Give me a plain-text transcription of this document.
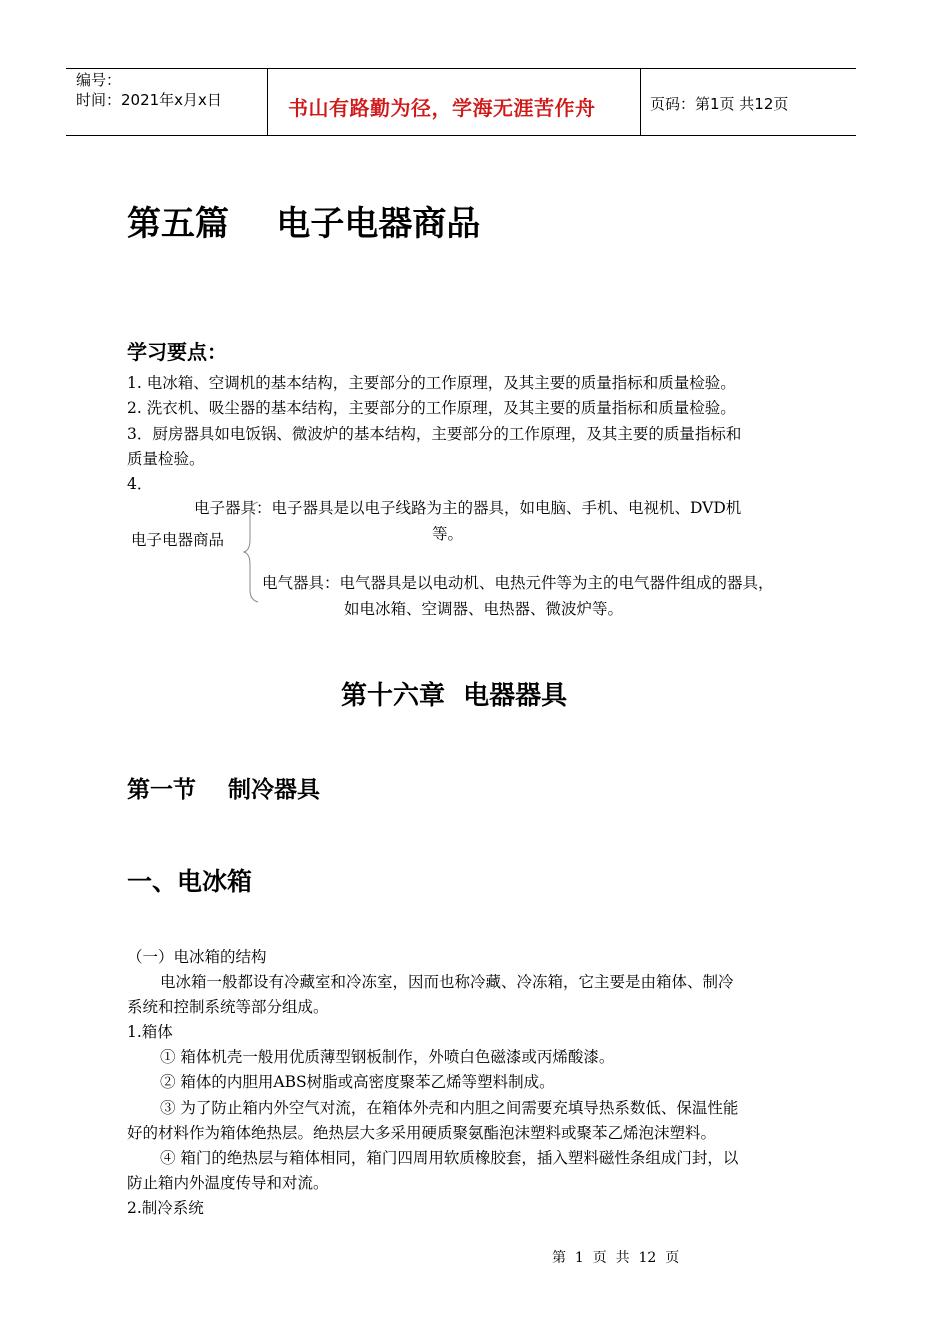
编号：
时间：2021年x月x日	书山有路勤为径，学海无涯苦作舟	页码：第1页 共12页
第五篇    电子电器商品
学习要点：
1. 电冰箱、空调机的基本结构，主要部分的工作原理，及其主要的质量指标和质量检验。
2. 洗衣机、吸尘器的基本结构，主要部分的工作原理，及其主要的质量指标和质量检验。
3．厨房器具如电饭锅、微波炉的基本结构，主要部分的工作原理，及其主要的质量指标和
质量检验。
4．
电子器具：电子器具是以电子线路为主的器具，如电脑、手机、电视机、DVD机
等。
电子电器商品
电气器具：电气器具是以电动机、电热元件等为主的电气器件组成的器具，
如电冰箱、空调器、电热器、微波炉等。
第十六章  电器器具
第一节    制冷器具
一、电冰箱
（一）电冰箱的结构
电冰箱一般都设有冷藏室和冷冻室，因而也称冷藏、冷冻箱，它主要是由箱体、制冷
系统和控制系统等部分组成。
1.箱体
① 箱体机壳一般用优质薄型钢板制作，外喷白色磁漆或丙烯酸漆。
② 箱体的内胆用ABS树脂或高密度聚苯乙烯等塑料制成。
③ 为了防止箱内外空气对流，在箱体外壳和内胆之间需要充填导热系数低、保温性能
好的材料作为箱体绝热层。绝热层大多采用硬质聚氨酯泡沫塑料或聚苯乙烯泡沫塑料。
④ 箱门的绝热层与箱体相同，箱门四周用软质橡胶套，插入塑料磁性条组成门封，以
防止箱内外温度传导和对流。
2.制冷系统
第  1  页  共  12  页
